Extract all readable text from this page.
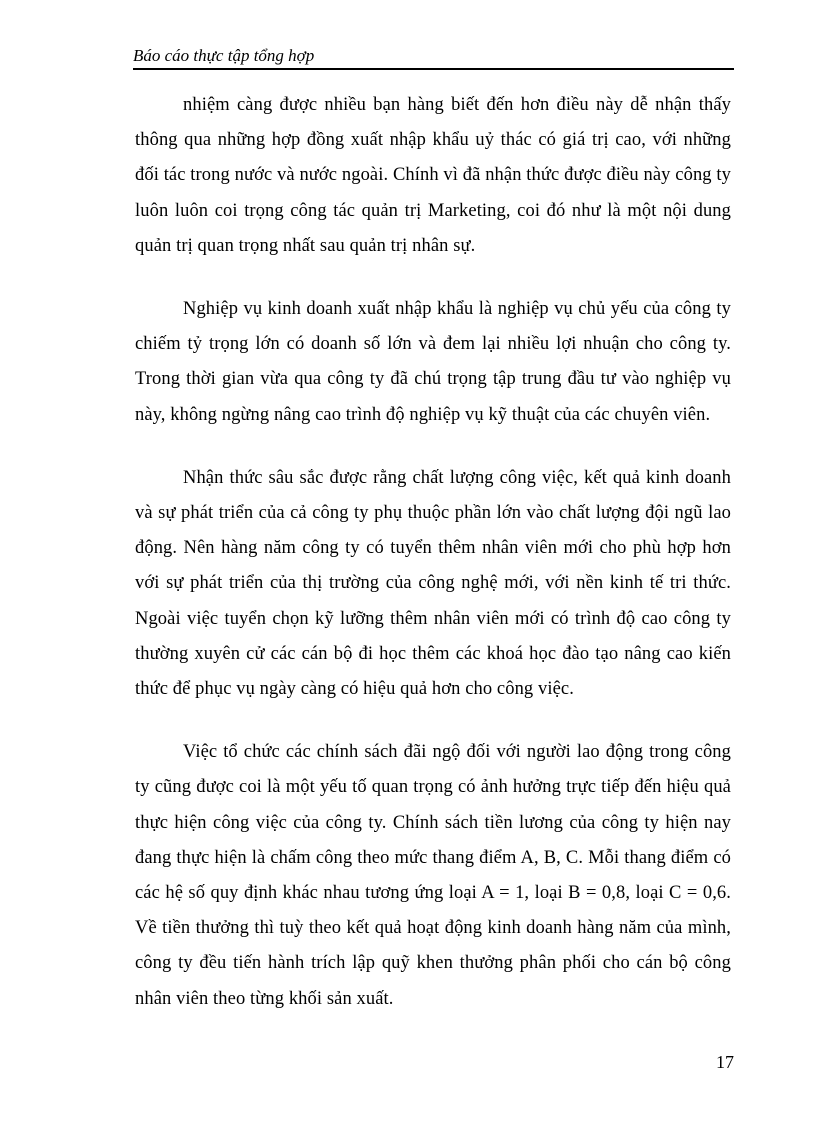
Báo cáo thực tập tổng hợp

nhiệm càng được nhiều bạn hàng biết đến hơn điều này dễ nhận thấy thông qua những hợp đồng xuất nhập khẩu uỷ thác có giá trị cao, với những đối tác trong nước và nước ngoài. Chính vì đã nhận thức được điều này công ty luôn luôn coi trọng công tác quản trị Marketing, coi đó như là một nội dung quản trị quan trọng nhất sau quản trị nhân sự.

Nghiệp vụ kinh doanh xuất nhập khẩu là nghiệp vụ chủ yếu của công ty chiếm tỷ trọng lớn có doanh số lớn và đem lại nhiều lợi nhuận cho công ty. Trong thời gian vừa qua công ty đã chú trọng tập trung đầu tư vào nghiệp vụ này, không ngừng nâng cao trình độ nghiệp vụ kỹ thuật của các chuyên viên.

Nhận thức sâu sắc được rằng chất lượng công việc, kết quả kinh doanh và sự phát triển của cả công ty phụ thuộc phần lớn vào chất lượng đội ngũ lao động. Nên hàng năm công ty có tuyển thêm nhân viên mới cho phù hợp hơn với sự phát triển của thị trường của công nghệ mới, với nền kinh tế tri thức. Ngoài việc tuyển chọn kỹ lưỡng thêm nhân viên mới có trình độ cao công ty thường xuyên cử các cán bộ đi học thêm các khoá học đào tạo nâng cao kiến thức để phục vụ ngày càng có hiệu quả hơn cho công việc.

Việc tổ chức các chính sách đãi ngộ đối với người lao động trong công ty cũng được coi là một yếu tố quan trọng có ảnh hưởng trực tiếp đến hiệu quả thực hiện công việc của công ty. Chính sách tiền lương của công ty hiện nay đang thực hiện là chấm công theo mức thang điểm A, B, C. Mỗi thang điểm có các hệ số quy định khác nhau tương ứng loại A = 1, loại B = 0,8, loại C = 0,6. Về tiền thưởng thì tuỳ theo kết quả hoạt động kinh doanh hàng năm của mình, công ty đều tiến hành trích lập quỹ khen thưởng phân phối cho cán bộ công nhân viên theo từng khối sản xuất.

17
